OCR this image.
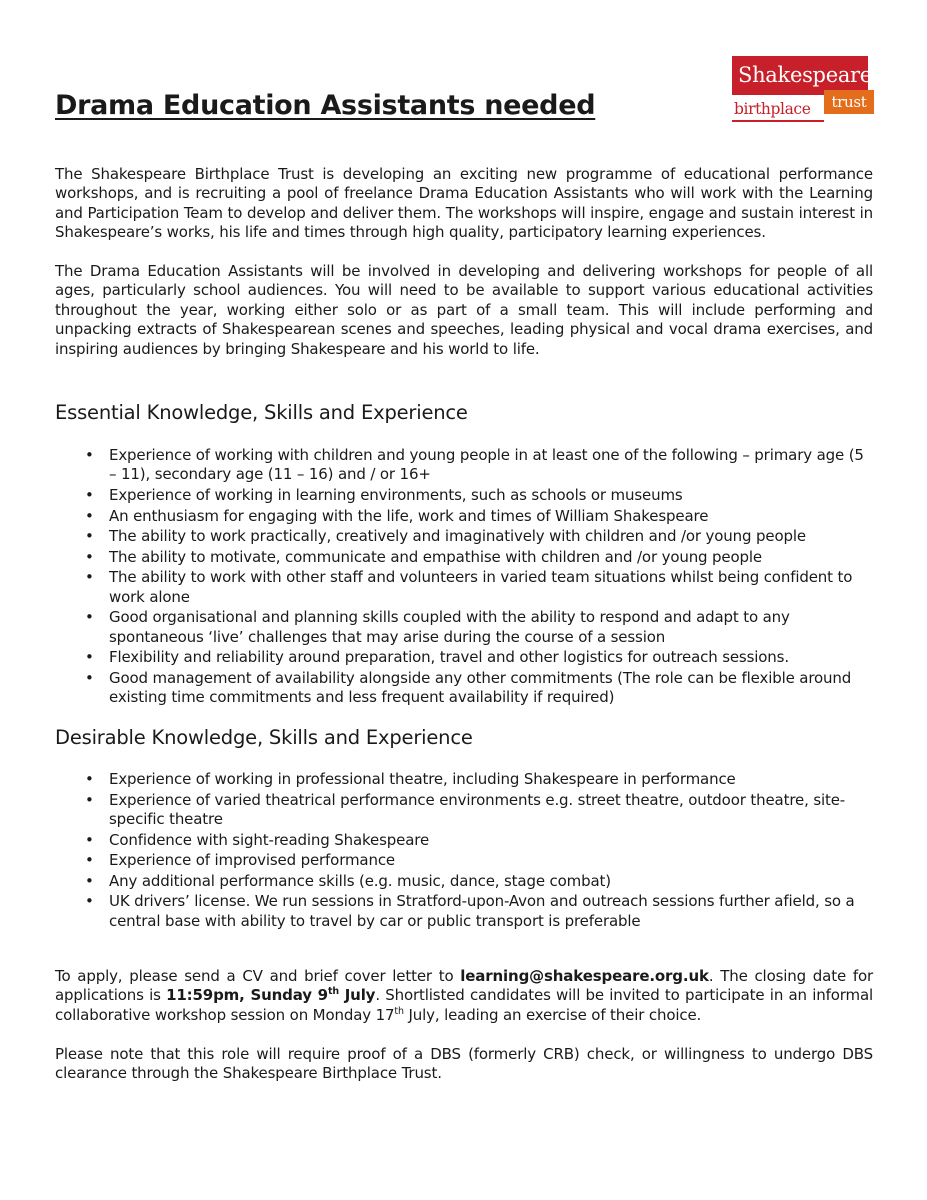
Shakespeare
trust
birthplace
Drama Education Assistants needed

The Shakespeare Birthplace Trust is developing an exciting new programme of educational performance workshops, and is recruiting a pool of freelance Drama Education Assistants who will work with the Learning and Participation Team to develop and deliver them. The workshops will inspire, engage and sustain interest in Shakespeare’s works, his life and times through high quality, participatory learning experiences.

The Drama Education Assistants will be involved in developing and delivering workshops for people of all ages, particularly school audiences. You will need to be available to support various educational activities throughout the year, working either solo or as part of a small team. This will include performing and unpacking extracts of Shakespearean scenes and speeches, leading physical and vocal drama exercises, and inspiring audiences by bringing Shakespeare and his world to life.

Essential Knowledge, Skills and Experience
• Experience of working with children and young people in at least one of the following – primary age (5 – 11), secondary age (11 – 16) and / or 16+
• Experience of working in learning environments, such as schools or museums
• An enthusiasm for engaging with the life, work and times of William Shakespeare
• The ability to work practically, creatively and imaginatively with children and /or young people
• The ability to motivate, communicate and empathise with children and /or young people
• The ability to work with other staff and volunteers in varied team situations whilst being confident to work alone
• Good organisational and planning skills coupled with the ability to respond and adapt to any spontaneous ‘live’ challenges that may arise during the course of a session
• Flexibility and reliability around preparation, travel and other logistics for outreach sessions.
• Good management of availability alongside any other commitments (The role can be flexible around existing time commitments and less frequent availability if required)
Desirable Knowledge, Skills and Experience
• Experience of working in professional theatre, including Shakespeare in performance
• Experience of varied theatrical performance environments e.g. street theatre, outdoor theatre, site-specific theatre
• Confidence with sight-reading Shakespeare
• Experience of improvised performance
• Any additional performance skills (e.g. music, dance, stage combat)
• UK drivers’ license. We run sessions in Stratford-upon-Avon and outreach sessions further afield, so a central base with ability to travel by car or public transport is preferable

To apply, please send a CV and brief cover letter to learning@shakespeare.org.uk. The closing date for applications is 11:59pm, Sunday 9th July. Shortlisted candidates will be invited to participate in an informal collaborative workshop session on Monday 17th July, leading an exercise of their choice.

Please note that this role will require proof of a DBS (formerly CRB) check, or willingness to undergo DBS clearance through the Shakespeare Birthplace Trust.
